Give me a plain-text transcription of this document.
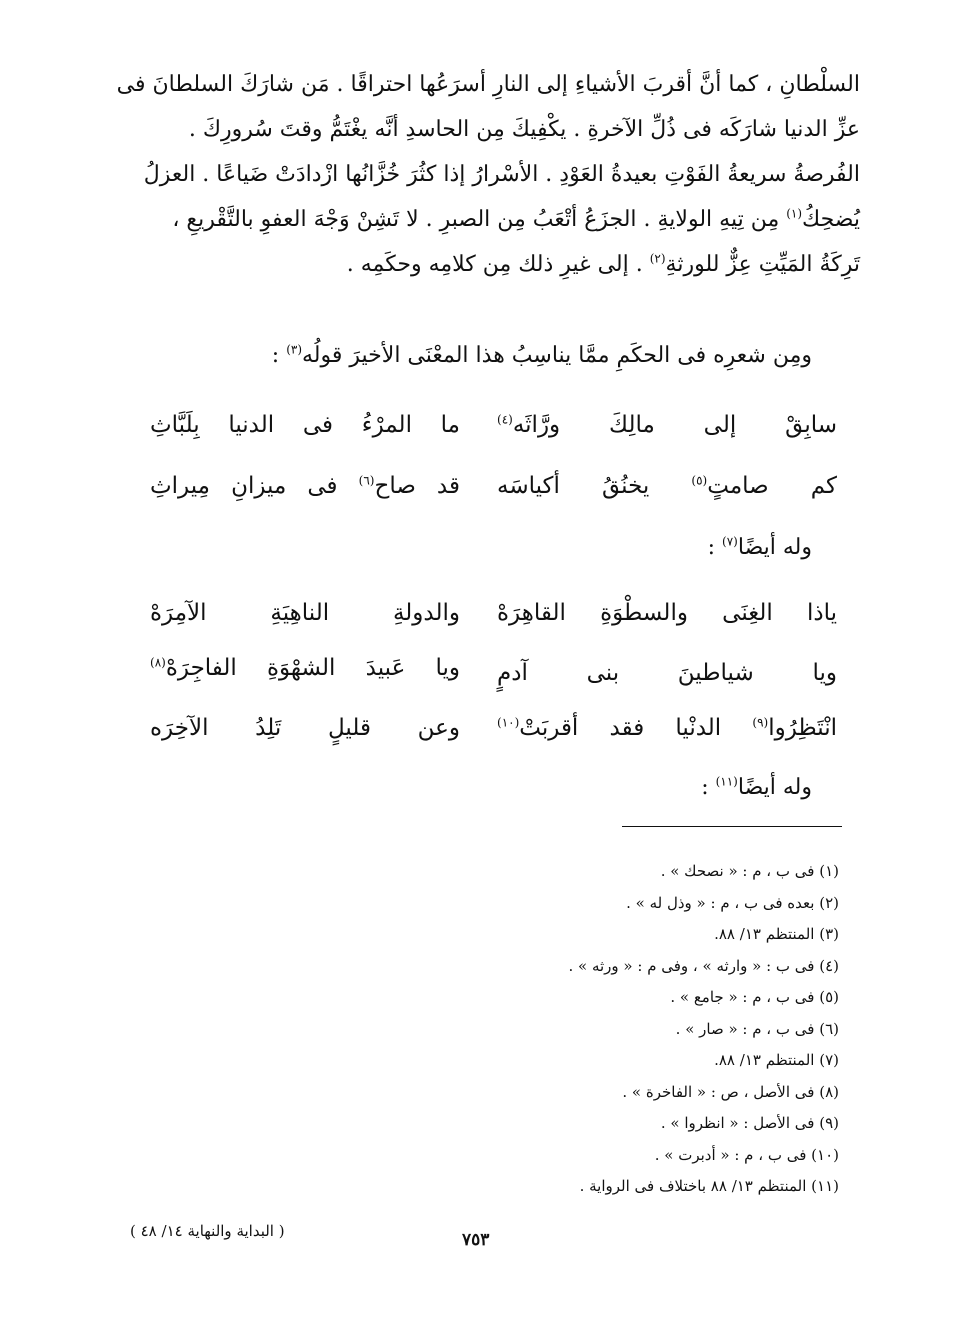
السلْطانِ ، كما أنَّ أقربَ الأشياءِ إلى النارِ أسرَعُها احتراقًا . مَن شارَكَ السلطانَ فى
عزِّ الدنيا شارَكَه فى ذُلِّ الآخرةِ . يكْفِيكَ مِن الحاسدِ أنَّه يغْتَمُّ وقتَ سُرورِكَ .
الفُرصةُ سريعةُ الفَوْتِ بعيدةُ العَوْدِ . الأسْرارُ إذا كثُرَ خُزَّانُها ازْدادَتْ ضَياعًا . العزلُ
يُضحِكُ$^{(١)}$ مِن تِيهِ الولايةِ . الجزَعُ أتْعَبُ مِن الصبرِ . لا تَشِنْ وَجْهَ العفوِ بالتَّقْريعِ ،
تَرِكَةُ المَيِّتِ عِزٌّ للورثةِ$^{(٢)}$ . إلى غيرِ ذلك مِن كلامِه وحكَمِه .
ومِن شعرِه فى الحكَمِ ممَّا يناسِبُ هذا المعْنَى الأخيرَ قولُه$^{(٣)}$ :
سابِقْ إلى مالِكَ ورَّاثَه$^{(٤)}$
ما المرْءُ فى الدنيا بِلَبَّاثِ
كم صامتٍ$^{(٥)}$ يخنُقُ أكياسَه
قد صاح$^{(٦)}$ فى ميزانِ مِيراثِ
وله أيضًا$^{(٧)}$ :
ياذا الغِنَى والسطْوَةِ القاهِرَهْ
والدولةِ الناهِيَةِ الآمِرَهْ
ويا شياطينَ بنى آدمٍ
ويا عَبيدَ الشهْوَةِ الفاجِرَهْ$^{(٨)}$
انْتَظِرُوا$^{(٩)}$ الدنْيا فقد أقربَتْ$^{(١٠)}$
وعن قليلٍ تَلِدُ الآخِرَه
وله أيضًا$^{(١١)}$ :
(١) فى ب ، م : « نصحك » .
(٢) بعده فى ب ، م : « وذل له » .
(٣) المنتظم ١٣/ ٨٨.
(٤) فى ب : « وارثه » ، وفى م : « ورثه » .
(٥) فى ب ، م : « جامع » .
(٦) فى ب ، م : « صار » .
(٧) المنتظم ١٣/ ٨٨.
(٨) فى الأصل ، ص : « الفاخرة » .
(٩) فى الأصل : « انظروا » .
(١٠) فى ب ، م : « أدبرت » .
(١١) المنتظم ١٣/ ٨٨ باختلاف فى الرواية .
( البداية والنهاية ١٤/ ٤٨ )	٧٥٣
